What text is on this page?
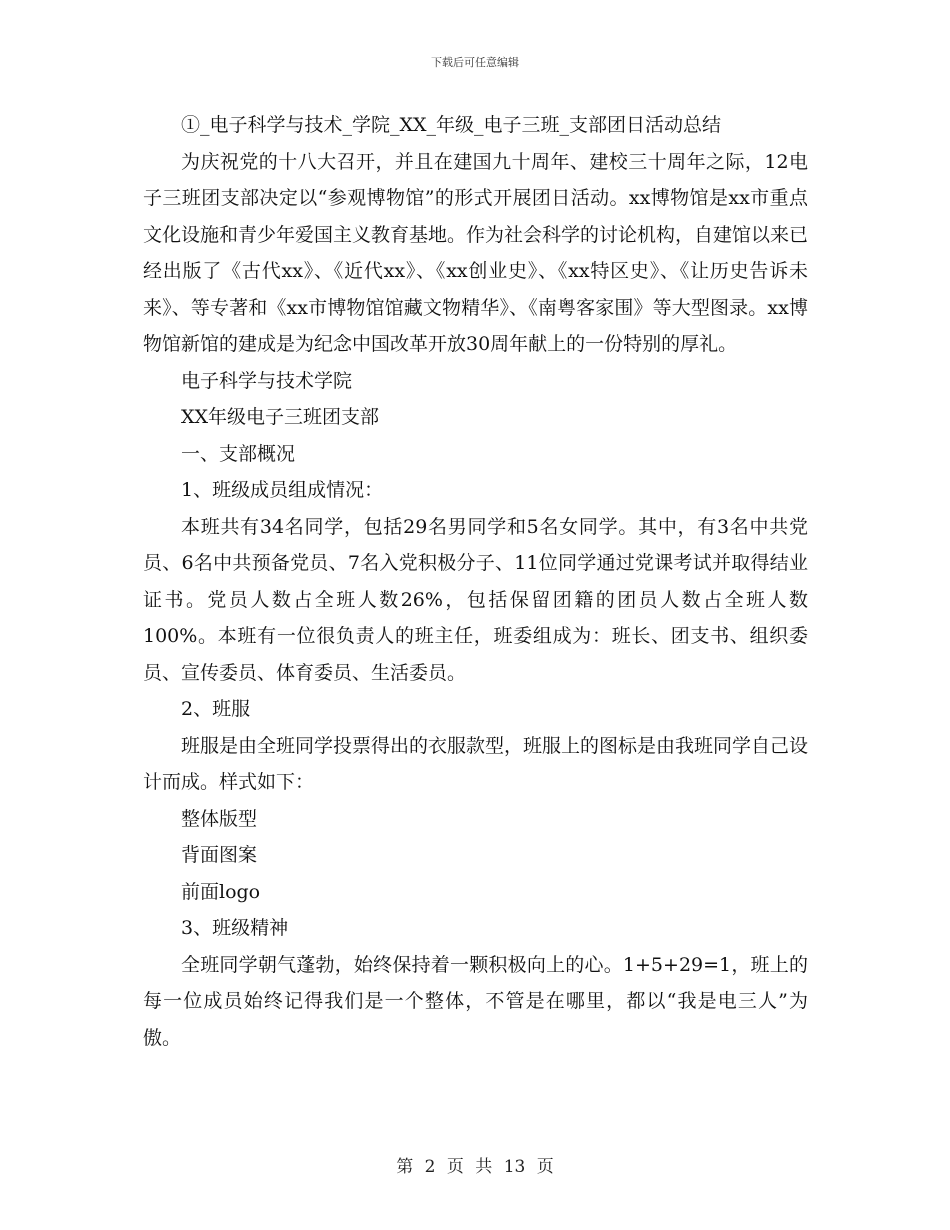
下载后可任意编辑

①_电子科学与技术_学院_XX_年级_电子三班_支部团日活动总结

为庆祝党的十八大召开，并且在建国九十周年、建校三十周年之际，12电子三班团支部决定以“参观博物馆”的形式开展团日活动。xx博物馆是xx市重点文化设施和青少年爱国主义教育基地。作为社会科学的讨论机构，自建馆以来已经出版了《古代xx》、《近代xx》、《xx创业史》、《xx特区史》、《让历史告诉未来》、等专著和《xx市博物馆馆藏文物精华》、《南粤客家围》等大型图录。xx博物馆新馆的建成是为纪念中国改革开放30周年献上的一份特别的厚礼。

电子科学与技术学院

XX年级电子三班团支部

一、支部概况

1、班级成员组成情况：

本班共有34名同学，包括29名男同学和5名女同学。其中，有3名中共党员、6名中共预备党员、7名入党积极分子、11位同学通过党课考试并取得结业证书。党员人数占全班人数26%，包括保留团籍的团员人数占全班人数100%。本班有一位很负责人的班主任，班委组成为：班长、团支书、组织委员、宣传委员、体育委员、生活委员。

2、班服

班服是由全班同学投票得出的衣服款型，班服上的图标是由我班同学自己设计而成。样式如下：

整体版型

背面图案

前面logo

3、班级精神

全班同学朝气蓬勃，始终保持着一颗积极向上的心。1+5+29=1，班上的每一位成员始终记得我们是一个整体，不管是在哪里，都以“我是电三人”为傲。

第 2 页 共 13 页
